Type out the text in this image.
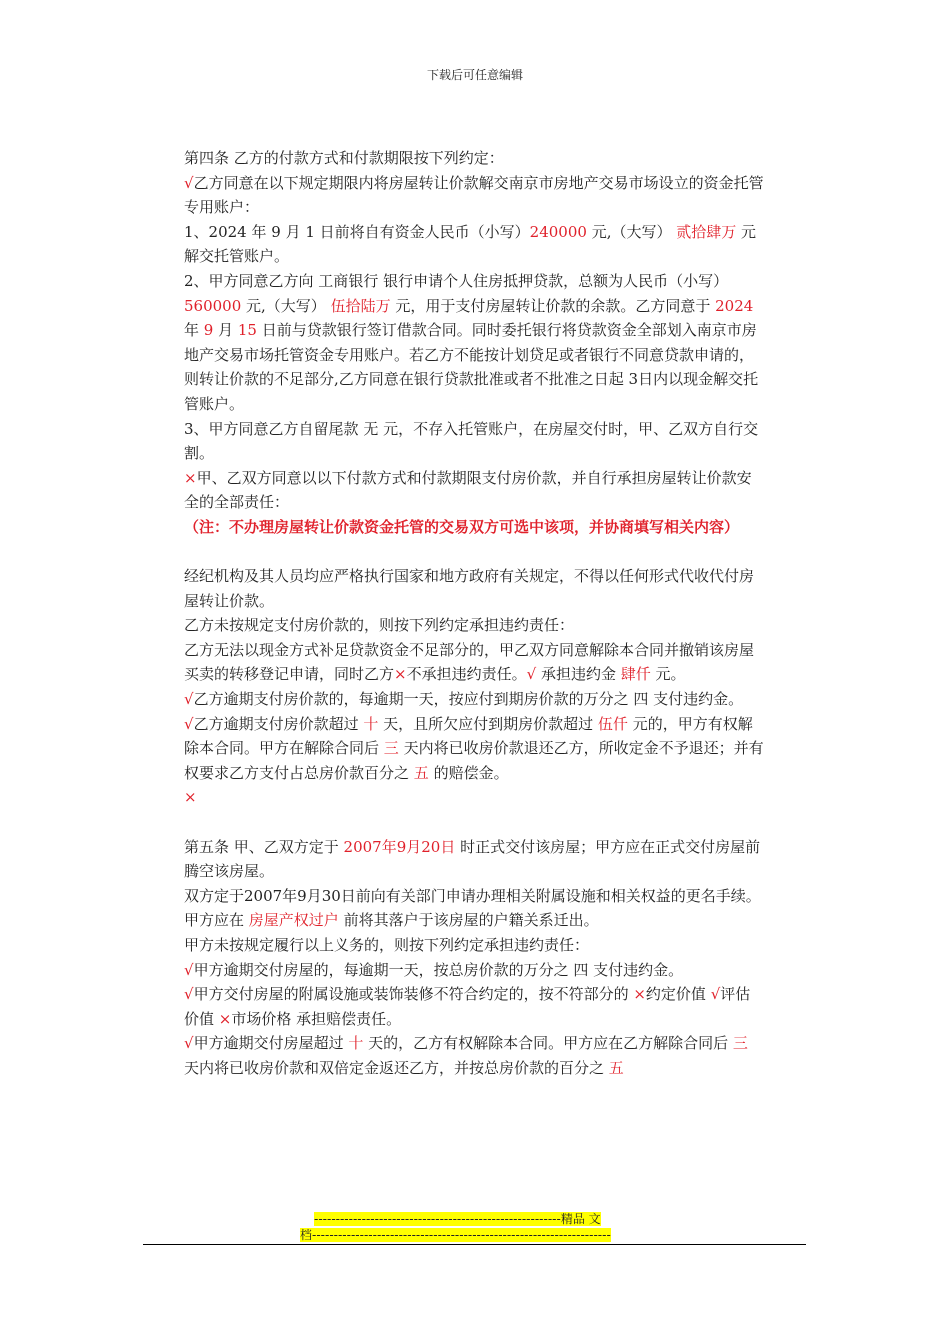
下载后可任意编辑

第四条 乙方的付款方式和付款期限按下列约定：

√乙方同意在以下规定期限内将房屋转让价款解交南京市房地产交易市场设立的资金托管专用账户：

1、2024 年 9 月 1 日前将自有资金人民币（小写）240000 元,（大写） 贰拾肆万 元解交托管账户。

2、甲方同意乙方向 工商银行 银行申请个人住房抵押贷款，总额为人民币（小写） 560000 元,（大写） 伍拾陆万 元，用于支付房屋转让价款的余款。乙方同意于 2024 年 9 月 15 日前与贷款银行签订借款合同。同时委托银行将贷款资金全部划入南京市房地产交易市场托管资金专用账户。若乙方不能按计划贷足或者银行不同意贷款申请的，则转让价款的不足部分,乙方同意在银行贷款批准或者不批准之日起 3日内以现金解交托管账户。

3、甲方同意乙方自留尾款 无 元，不存入托管账户，在房屋交付时，甲、乙双方自行交割。

×甲、乙双方同意以以下付款方式和付款期限支付房价款，并自行承担房屋转让价款安全的全部责任：

（注：不办理房屋转让价款资金托管的交易双方可选中该项，并协商填写相关内容）

经纪机构及其人员均应严格执行国家和地方政府有关规定，不得以任何形式代收代付房屋转让价款。

乙方未按规定支付房价款的，则按下列约定承担违约责任：

乙方无法以现金方式补足贷款资金不足部分的，甲乙双方同意解除本合同并撤销该房屋买卖的转移登记申请，同时乙方×不承担违约责任。√ 承担违约金 肆仟 元。

√乙方逾期支付房价款的，每逾期一天，按应付到期房价款的万分之 四 支付违约金。

√乙方逾期支付房价款超过 十 天，且所欠应付到期房价款超过 伍仟 元的，甲方有权解除本合同。甲方在解除合同后 三 天内将已收房价款退还乙方，所收定金不予退还；并有权要求乙方支付占总房价款百分之 五 的赔偿金。

×

第五条 甲、乙双方定于 2007年9月20日 时正式交付该房屋；甲方应在正式交付房屋前腾空该房屋。

双方定于2007年9月30日前向有关部门申请办理相关附属设施和相关权益的更名手续。

甲方应在 房屋产权过户 前将其落户于该房屋的户籍关系迁出。

甲方未按规定履行以上义务的，则按下列约定承担违约责任：

√甲方逾期交付房屋的，每逾期一天，按总房价款的万分之 四 支付违约金。

√甲方交付房屋的附属设施或装饰装修不符合约定的，按不符部分的 ×约定价值 √评估价值 ×市场价格 承担赔偿责任。

√甲方逾期交付房屋超过 十 天的，乙方有权解除本合同。甲方应在乙方解除合同后 三 天内将已收房价款和双倍定金返还乙方，并按总房价款的百分之 五

---------------------------------------------------------精品 文
档---------------------------------------------------------------------
